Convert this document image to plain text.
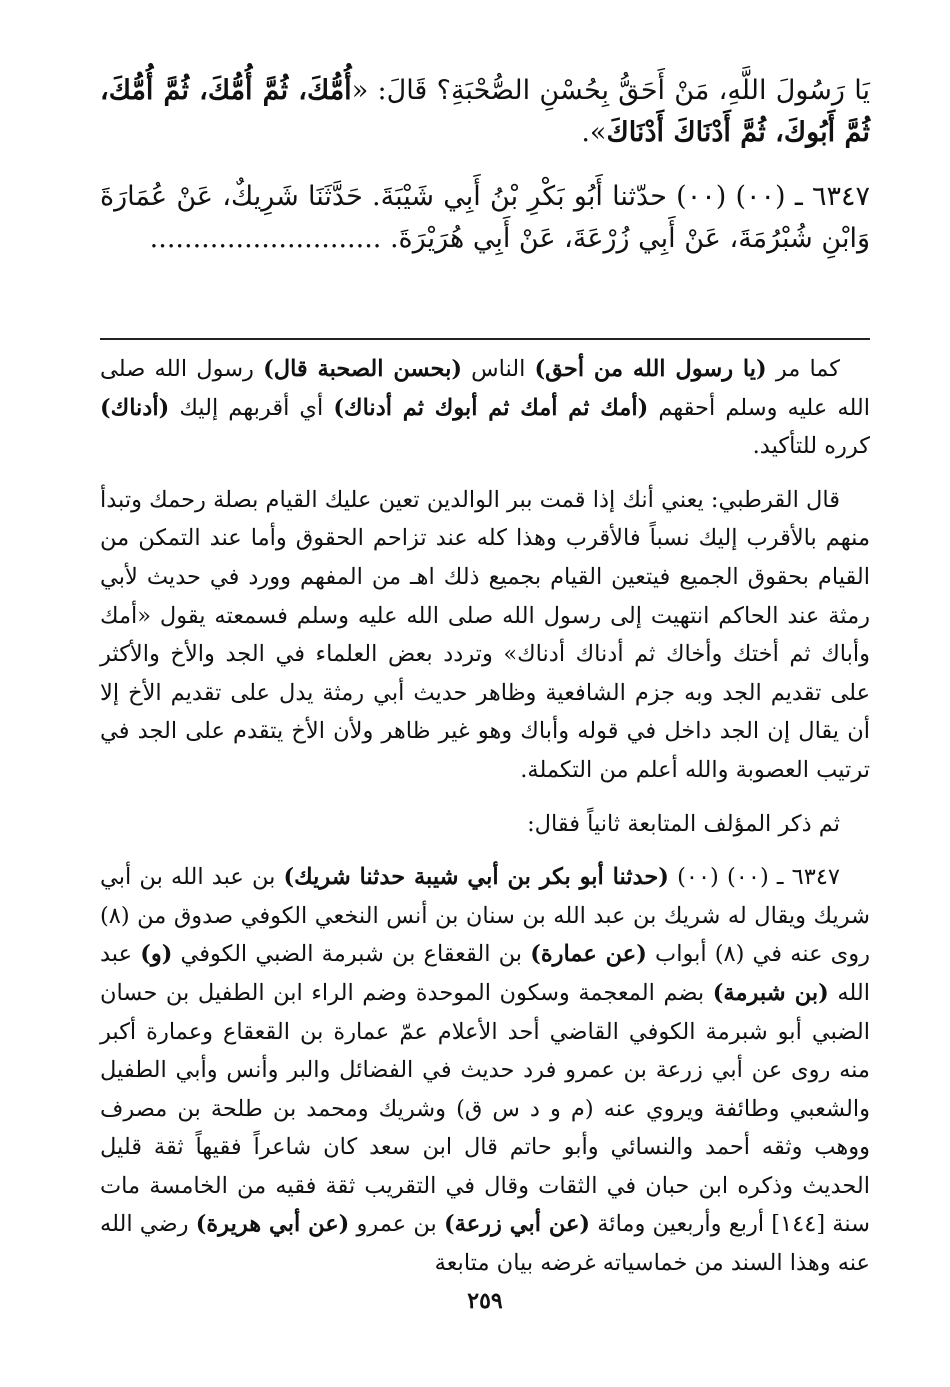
يَا رَسُولَ اللَّهِ، مَنْ أَحَقُّ بِحُسْنِ الصُّحْبَةِ؟ قَالَ: «أُمُّكَ، ثُمَّ أُمُّكَ، ثُمَّ أُمُّكَ، ثُمَّ أَبُوكَ، ثُمَّ أَدْنَاكَ أَدْنَاكَ».

٦٣٤٧ ـ (٠٠) (٠٠) حدّثنا أَبُو بَكْرِ بْنُ أَبِي شَيْبَةَ. حَدَّثَنَا شَرِيكٌ، عَنْ عُمَارَةَ وَابْنِ شُبْرُمَةَ، عَنْ أَبِي زُرْعَةَ، عَنْ أَبِي هُرَيْرَةَ. ...........................

كما مر (يا رسول الله من أحق) الناس (بحسن الصحبة قال) رسول الله صلى الله عليه وسلم أحقهم (أمك ثم أمك ثم أبوك ثم أدناك) أي أقربهم إليك (أدناك) كرره للتأكيد.

قال القرطبي: يعني أنك إذا قمت ببر الوالدين تعين عليك القيام بصلة رحمك وتبدأ منهم بالأقرب إليك نسباً فالأقرب وهذا كله عند تزاحم الحقوق وأما عند التمكن من القيام بحقوق الجميع فيتعين القيام بجميع ذلك اهـ من المفهم وورد في حديث لأبي رمثة عند الحاكم انتهيت إلى رسول الله صلى الله عليه وسلم فسمعته يقول «أمك وأباك ثم أختك وأخاك ثم أدناك أدناك» وتردد بعض العلماء في الجد والأخ والأكثر على تقديم الجد وبه جزم الشافعية وظاهر حديث أبي رمثة يدل على تقديم الأخ إلا أن يقال إن الجد داخل في قوله وأباك وهو غير ظاهر ولأن الأخ يتقدم على الجد في ترتيب العصوبة والله أعلم من التكملة.

ثم ذكر المؤلف المتابعة ثانياً فقال:

٦٣٤٧ ـ (٠٠) (٠٠) (حدثنا أبو بكر بن أبي شيبة حدثنا شريك) بن عبد الله بن أبي شريك ويقال له شريك بن عبد الله بن سنان بن أنس النخعي الكوفي صدوق من (٨) روى عنه في (٨) أبواب (عن عمارة) بن القعقاع بن شبرمة الضبي الكوفي (و) عبد الله (بن شبرمة) بضم المعجمة وسكون الموحدة وضم الراء ابن الطفيل بن حسان الضبي أبو شبرمة الكوفي القاضي أحد الأعلام عمّ عمارة بن القعقاع وعمارة أكبر منه روى عن أبي زرعة بن عمرو فرد حديث في الفضائل والبر وأنس وأبي الطفيل والشعبي وطائفة ويروي عنه (م و د س ق) وشريك ومحمد بن طلحة بن مصرف ووهب وثقه أحمد والنسائي وأبو حاتم قال ابن سعد كان شاعراً فقيهاً ثقة قليل الحديث وذكره ابن حبان في الثقات وقال في التقريب ثقة فقيه من الخامسة مات سنة [١٤٤] أربع وأربعين ومائة (عن أبي زرعة) بن عمرو (عن أبي هريرة) رضي الله عنه وهذا السند من خماسياته غرضه بيان متابعة

٢٥٩
